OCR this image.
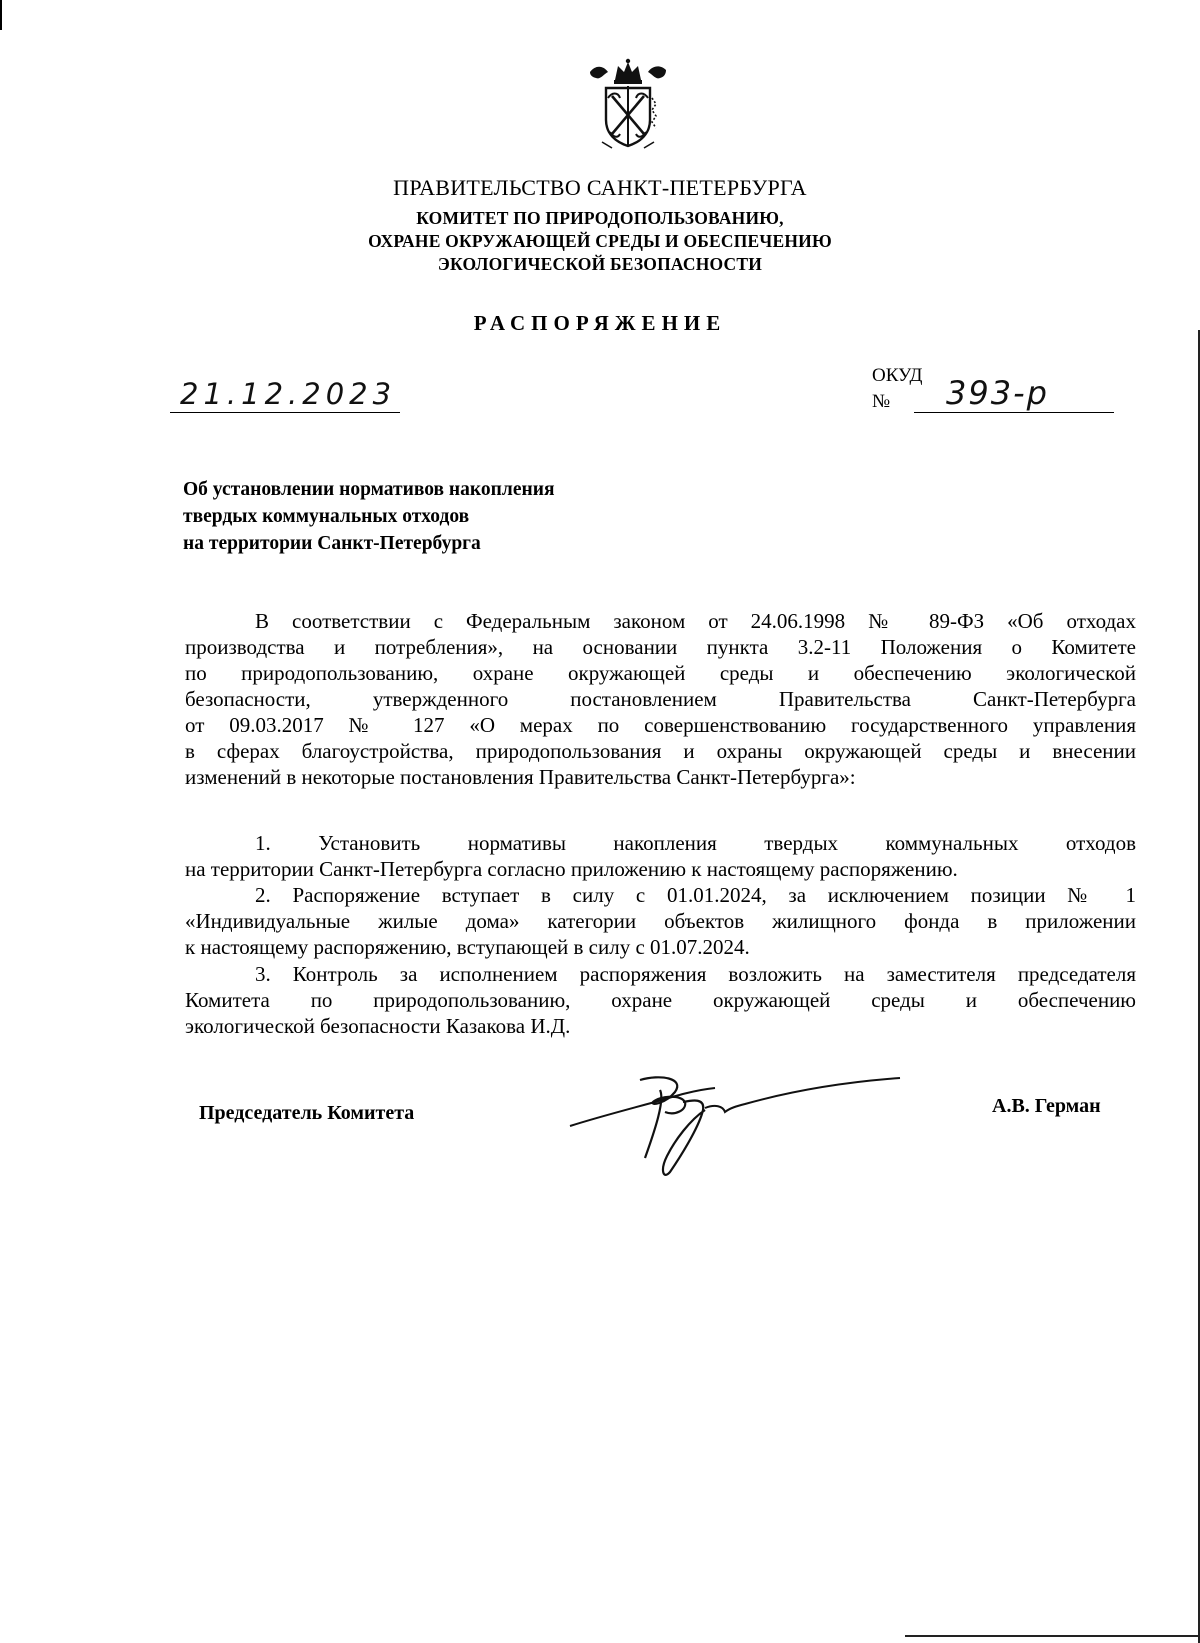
ПРАВИТЕЛЬСТВО САНКТ-ПЕТЕРБУРГА
КОМИТЕТ ПО ПРИРОДОПОЛЬЗОВАНИЮ,
ОХРАНЕ ОКРУЖАЮЩЕЙ СРЕДЫ И ОБЕСПЕЧЕНИЮ
ЭКОЛОГИЧЕСКОЙ БЕЗОПАСНОСТИ
РАСПОРЯЖЕНИЕ
21.12.2023
ОКУД
№ 393-р
Об установлении нормативов накопления
твердых коммунальных отходов
на территории Санкт-Петербурга
В соответствии с Федеральным законом от 24.06.1998 № 89-ФЗ «Об отходах
производства и потребления», на основании пункта 3.2-11 Положения о Комитете
по природопользованию, охране окружающей среды и обеспечению экологической
безопасности, утвержденного постановлением Правительства Санкт-Петербурга
от 09.03.2017 № 127 «О мерах по совершенствованию государственного управления
в сферах благоустройства, природопользования и охраны окружающей среды и внесении
изменений в некоторые постановления Правительства Санкт-Петербурга»:
1. Установить нормативы накопления твердых коммунальных отходов
на территории Санкт-Петербурга согласно приложению к настоящему распоряжению.
2. Распоряжение вступает в силу с 01.01.2024, за исключением позиции № 1
«Индивидуальные жилые дома» категории объектов жилищного фонда в приложении
к настоящему распоряжению, вступающей в силу с 01.07.2024.
3. Контроль за исполнением распоряжения возложить на заместителя председателя
Комитета по природопользованию, охране окружающей среды и обеспечению
экологической безопасности Казакова И.Д.
Председатель Комитета	А.В. Герман
